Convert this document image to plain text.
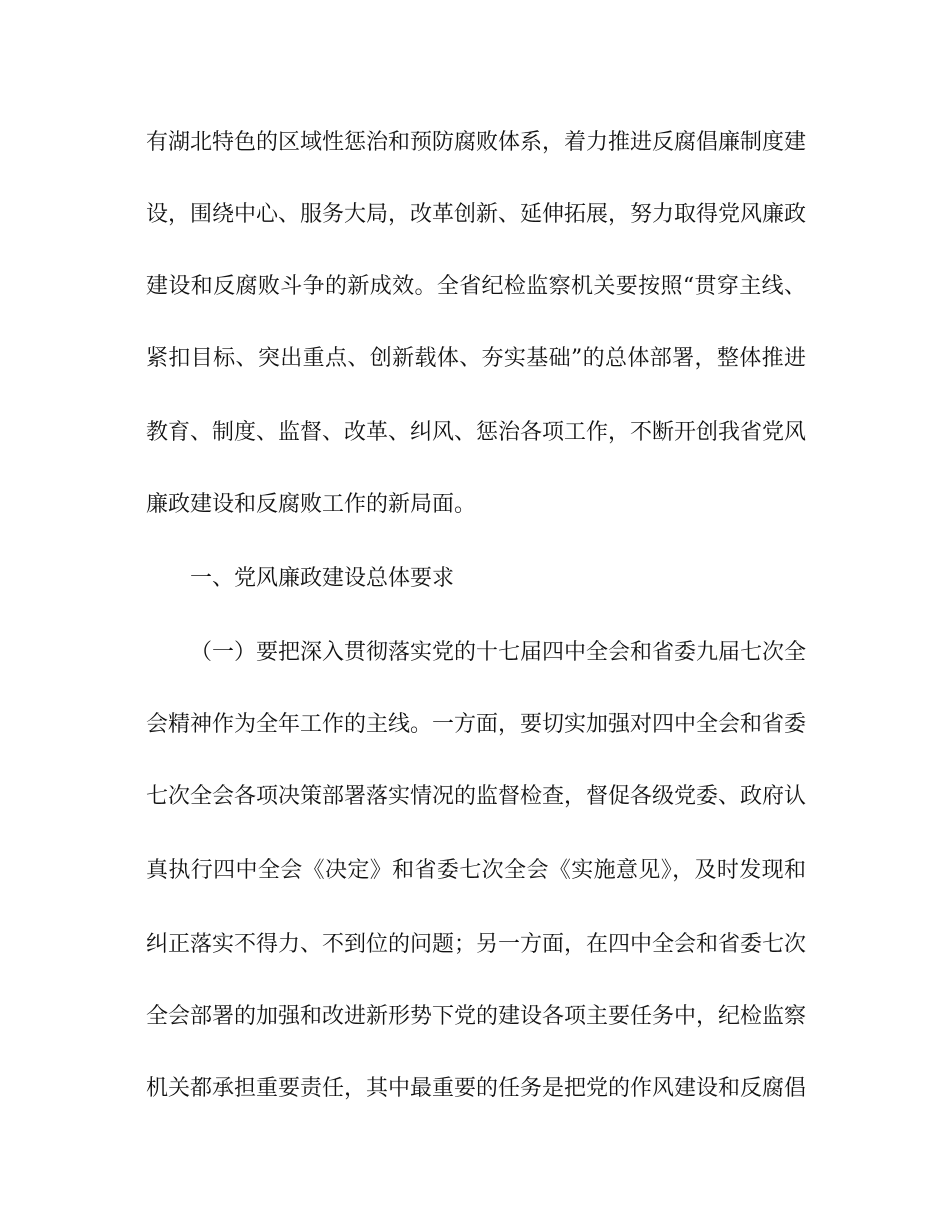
有湖北特色的区域性惩治和预防腐败体系，着力推进反腐倡廉制度建
设，围绕中心、服务大局，改革创新、延伸拓展，努力取得党风廉政
建设和反腐败斗争的新成效。全省纪检监察机关要按照“贯穿主线、
紧扣目标、突出重点、创新载体、夯实基础”的总体部署，整体推进
教育、制度、监督、改革、纠风、惩治各项工作，不断开创我省党风
廉政建设和反腐败工作的新局面。
一、党风廉政建设总体要求
（一）要把深入贯彻落实党的十七届四中全会和省委九届七次全
会精神作为全年工作的主线。一方面，要切实加强对四中全会和省委
七次全会各项决策部署落实情况的监督检查，督促各级党委、政府认
真执行四中全会《决定》和省委七次全会《实施意见》，及时发现和
纠正落实不得力、不到位的问题；另一方面，在四中全会和省委七次
全会部署的加强和改进新形势下党的建设各项主要任务中，纪检监察
机关都承担重要责任，其中最重要的任务是把党的作风建设和反腐倡
